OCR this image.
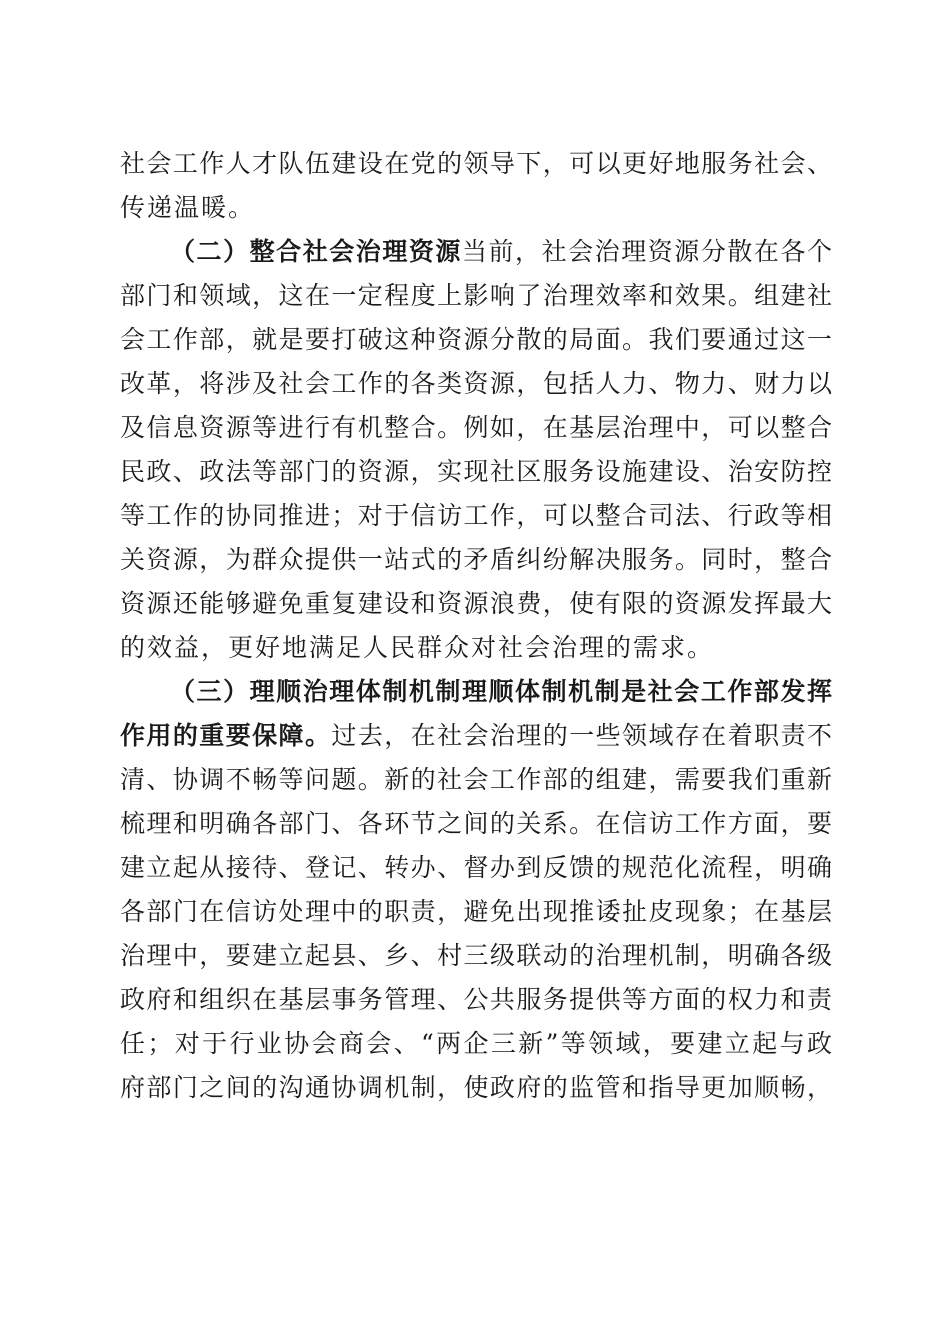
社会工作人才队伍建设在党的领导下，可以更好地服务社会、
传递温暖。
（二）整合社会治理资源当前，社会治理资源分散在各个
部门和领域，这在一定程度上影响了治理效率和效果。组建社
会工作部，就是要打破这种资源分散的局面。我们要通过这一
改革，将涉及社会工作的各类资源，包括人力、物力、财力以
及信息资源等进行有机整合。例如，在基层治理中，可以整合
民政、政法等部门的资源，实现社区服务设施建设、治安防控
等工作的协同推进；对于信访工作，可以整合司法、行政等相
关资源，为群众提供一站式的矛盾纠纷解决服务。同时，整合
资源还能够避免重复建设和资源浪费，使有限的资源发挥最大
的效益，更好地满足人民群众对社会治理的需求。
（三）理顺治理体制机制理顺体制机制是社会工作部发挥
作用的重要保障。过去，在社会治理的一些领域存在着职责不
清、协调不畅等问题。新的社会工作部的组建，需要我们重新
梳理和明确各部门、各环节之间的关系。在信访工作方面，要
建立起从接待、登记、转办、督办到反馈的规范化流程，明确
各部门在信访处理中的职责，避免出现推诿扯皮现象；在基层
治理中，要建立起县、乡、村三级联动的治理机制，明确各级
政府和组织在基层事务管理、公共服务提供等方面的权力和责
任；对于行业协会商会、“两企三新”等领域，要建立起与政
府部门之间的沟通协调机制，使政府的监管和指导更加顺畅，
